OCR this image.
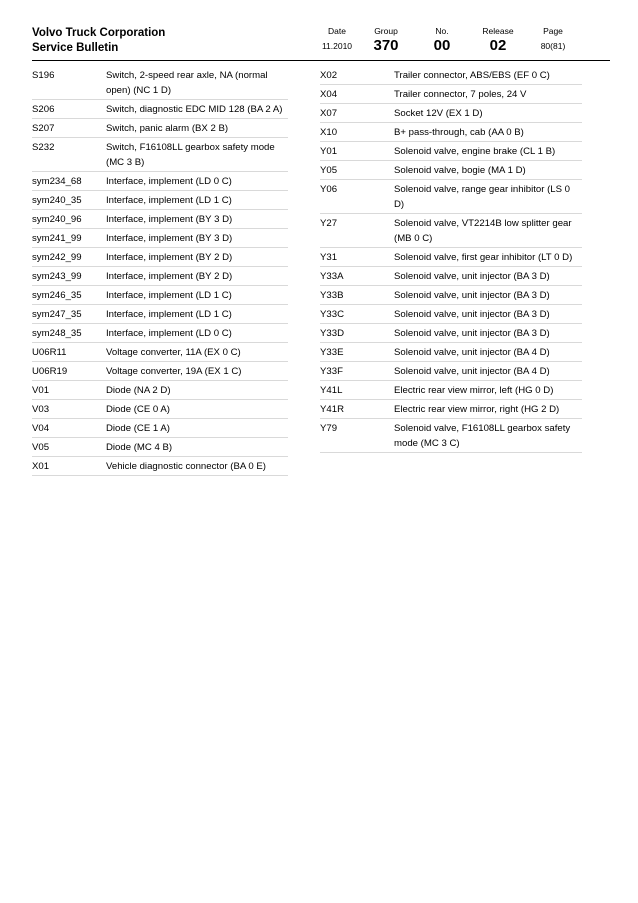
Volvo Truck Corporation
Service Bulletin
Date
11.2010
Group
370
No.
00
Release
02
Page
80(81)
S196	Switch, 2-speed rear axle, NA (normal open) (NC 1 D)
S206	Switch, diagnostic EDC MID 128 (BA 2 A)
S207	Switch, panic alarm (BX 2 B)
S232	Switch, F16108LL gearbox safety mode (MC 3 B)
sym234_68	Interface, implement (LD 0 C)
sym240_35	Interface, implement (LD 1 C)
sym240_96	Interface, implement (BY 3 D)
sym241_99	Interface, implement (BY 3 D)
sym242_99	Interface, implement (BY 2 D)
sym243_99	Interface, implement (BY 2 D)
sym246_35	Interface, implement (LD 1 C)
sym247_35	Interface, implement (LD 1 C)
sym248_35	Interface, implement (LD 0 C)
U06R11	Voltage converter, 11A (EX 0 C)
U06R19	Voltage converter, 19A (EX 1 C)
V01	Diode (NA 2 D)
V03	Diode (CE 0 A)
V04	Diode (CE 1 A)
V05	Diode (MC 4 B)
X01	Vehicle diagnostic connector (BA 0 E)
X02	Trailer connector, ABS/EBS (EF 0 C)
X04	Trailer connector, 7 poles, 24 V
X07	Socket 12V (EX 1 D)
X10	B+ pass-through, cab (AA 0 B)
Y01	Solenoid valve, engine brake (CL 1 B)
Y05	Solenoid valve, bogie (MA 1 D)
Y06	Solenoid valve, range gear inhibitor (LS 0 D)
Y27	Solenoid valve, VT2214B low splitter gear (MB 0 C)
Y31	Solenoid valve, first gear inhibitor (LT 0 D)
Y33A	Solenoid valve, unit injector (BA 3 D)
Y33B	Solenoid valve, unit injector (BA 3 D)
Y33C	Solenoid valve, unit injector (BA 3 D)
Y33D	Solenoid valve, unit injector (BA 3 D)
Y33E	Solenoid valve, unit injector (BA 4 D)
Y33F	Solenoid valve, unit injector (BA 4 D)
Y41L	Electric rear view mirror, left (HG 0 D)
Y41R	Electric rear view mirror, right (HG 2 D)
Y79	Solenoid valve, F16108LL gearbox safety mode (MC 3 C)
